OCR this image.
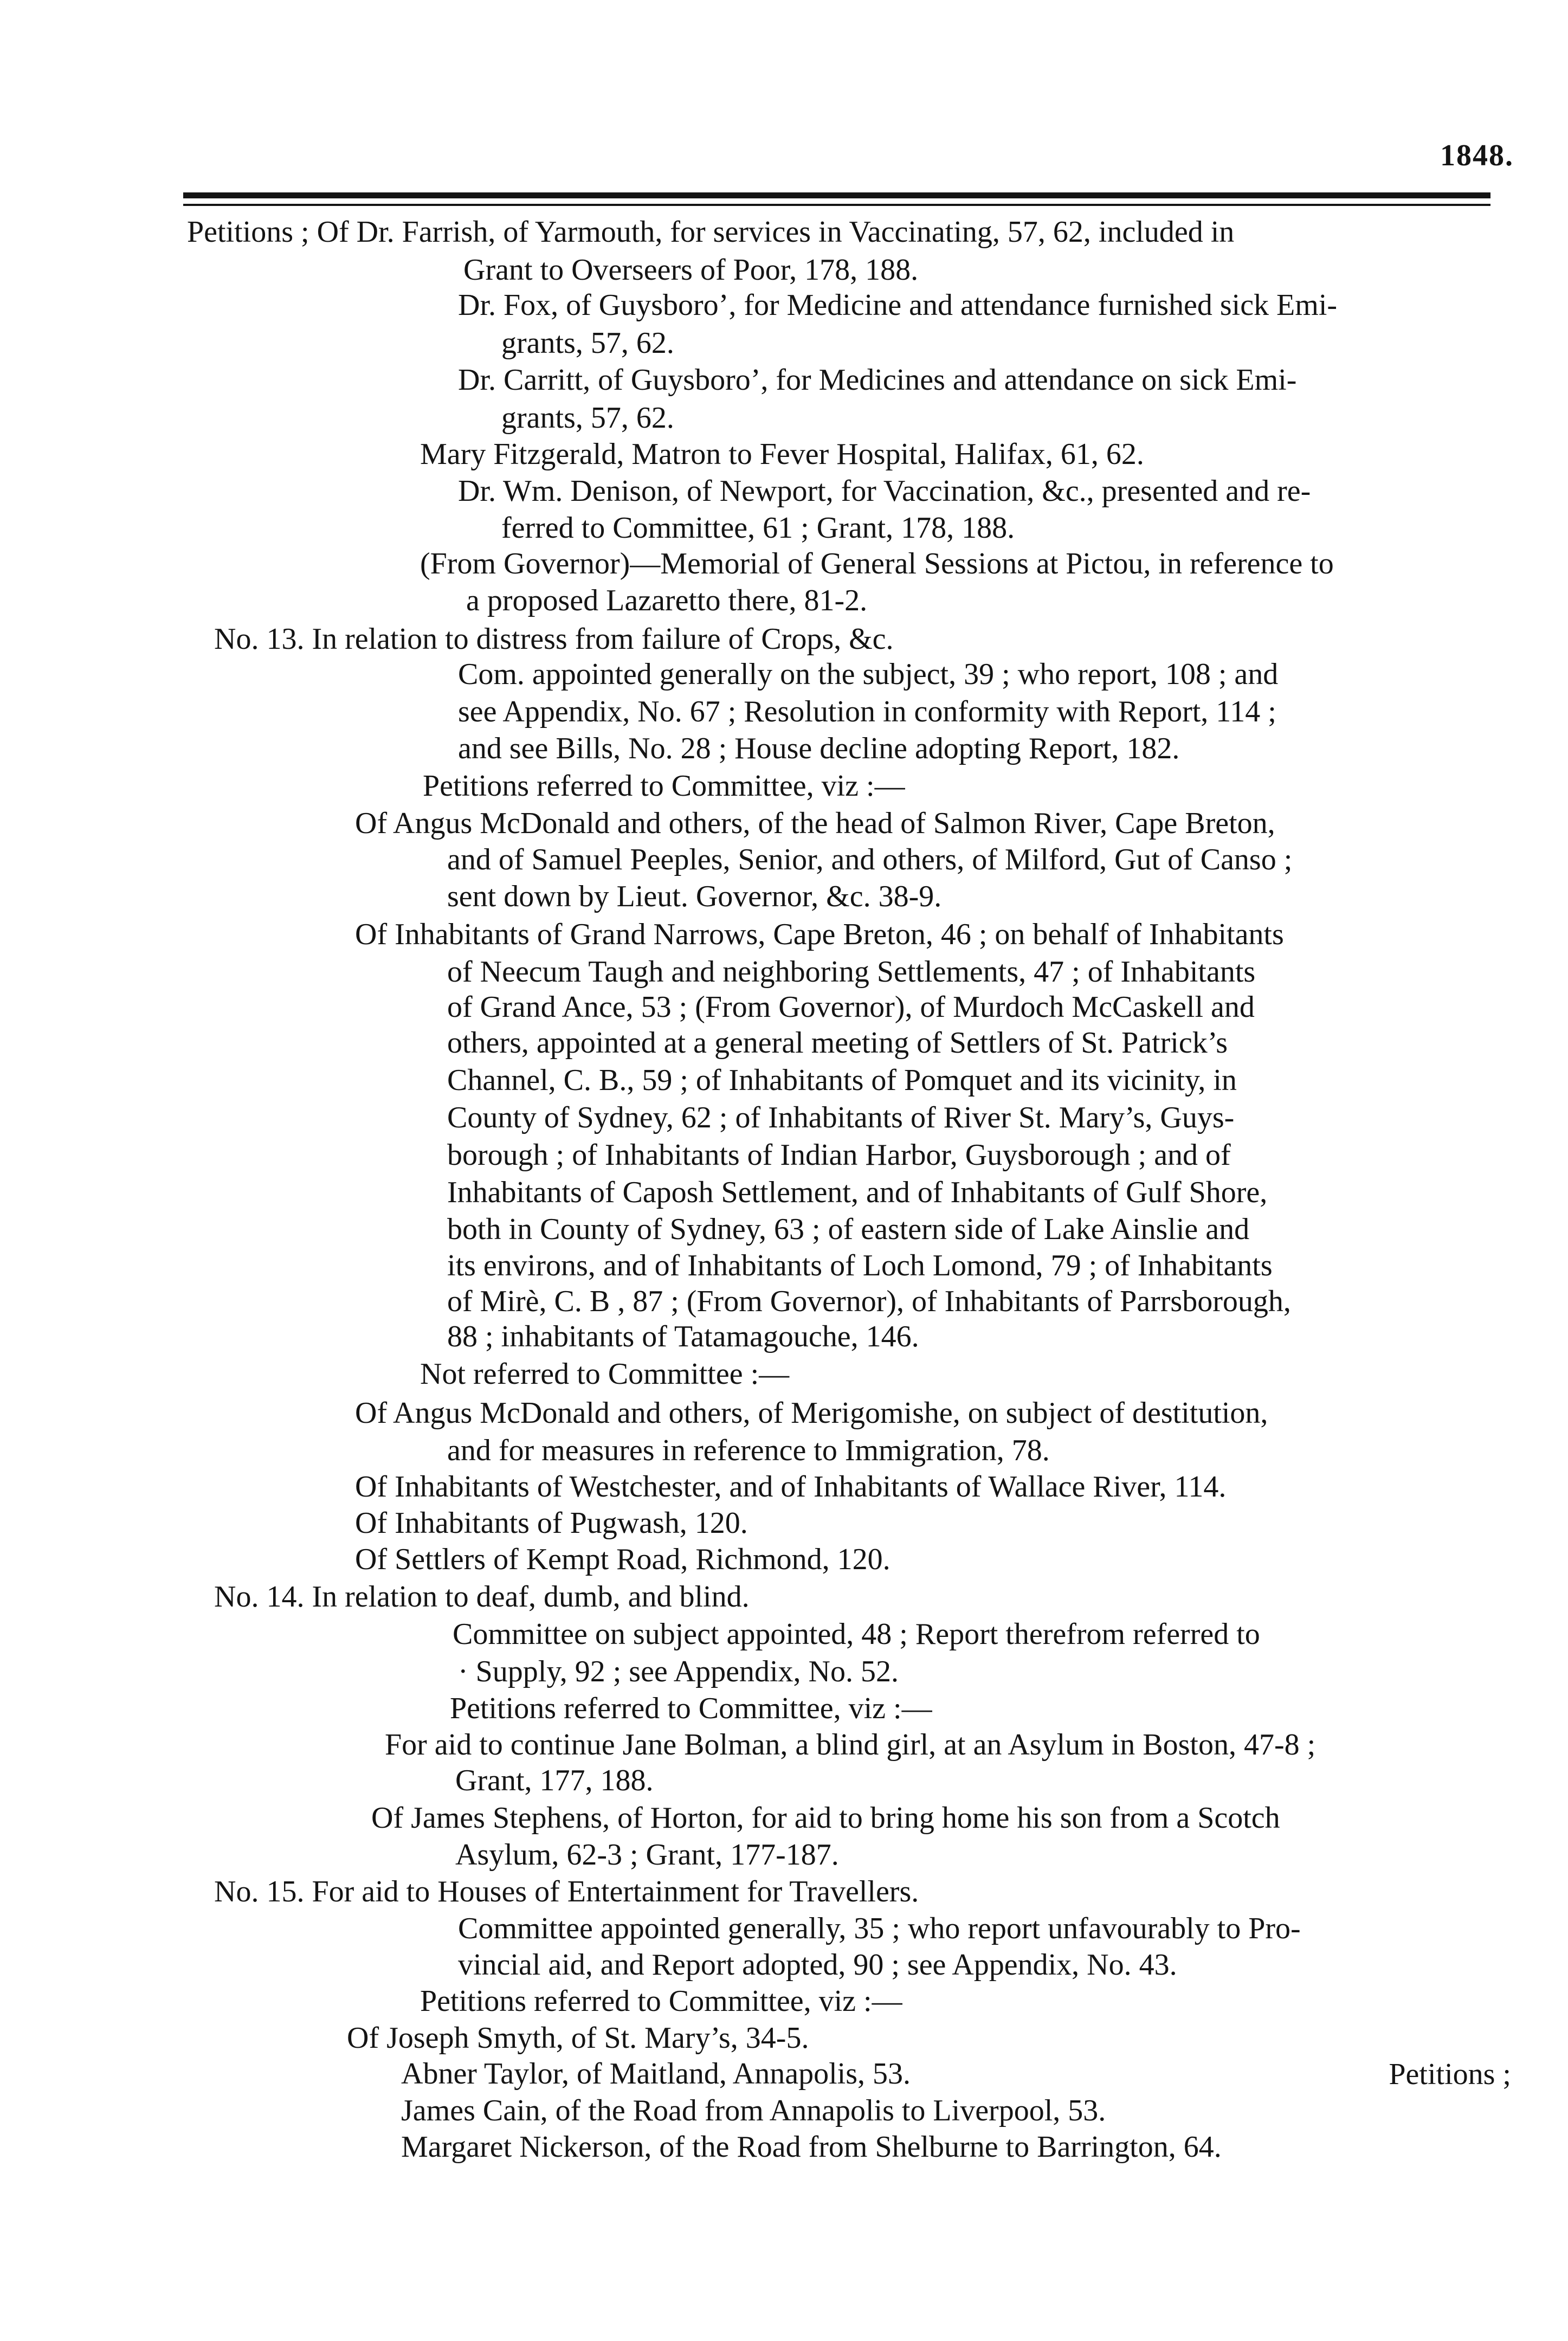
1848.
Petitions ; Of Dr. Farrish, of Yarmouth, for services in Vaccinating, 57, 62, included in
Grant to Overseers of Poor, 178, 188.
Dr. Fox, of Guysboro’, for Medicine and attendance furnished sick Emi-
grants, 57, 62.
Dr. Carritt, of Guysboro’, for Medicines and attendance on sick Emi-
grants, 57, 62.
Mary Fitzgerald, Matron to Fever Hospital, Halifax, 61, 62.
Dr. Wm. Denison, of Newport, for Vaccination, &c., presented and re-
ferred to Committee, 61 ; Grant, 178, 188.
(From Governor)—Memorial of General Sessions at Pictou, in reference to
a proposed Lazaretto there, 81-2.
No. 13. In relation to distress from failure of Crops, &c.
Com. appointed generally on the subject, 39 ; who report, 108 ; and
see Appendix, No. 67 ; Resolution in conformity with Report, 114 ;
and see Bills, No. 28 ; House decline adopting Report, 182.
Petitions referred to Committee, viz :—
Of Angus McDonald and others, of the head of Salmon River, Cape Breton,
and of Samuel Peeples, Senior, and others, of Milford, Gut of Canso ;
sent down by Lieut. Governor, &c. 38-9.
Of Inhabitants of Grand Narrows, Cape Breton, 46 ; on behalf of Inhabitants
of Neecum Taugh and neighboring Settlements, 47 ; of Inhabitants
of Grand Ance, 53 ; (From Governor), of Murdoch McCaskell and
others, appointed at a general meeting of Settlers of St. Patrick’s
Channel, C. B., 59 ; of Inhabitants of Pomquet and its vicinity, in
County of Sydney, 62 ; of Inhabitants of River St. Mary’s, Guys-
borough ; of Inhabitants of Indian Harbor, Guysborough ; and of
Inhabitants of Caposh Settlement, and of Inhabitants of Gulf Shore,
both in County of Sydney, 63 ; of eastern side of Lake Ainslie and
its environs, and of Inhabitants of Loch Lomond, 79 ; of Inhabitants
of Mirè, C. B , 87 ; (From Governor), of Inhabitants of Parrsborough,
88 ; inhabitants of Tatamagouche, 146.
Not referred to Committee :—
Of Angus McDonald and others, of Merigomishe, on subject of destitution,
and for measures in reference to Immigration, 78.
Of Inhabitants of Westchester, and of Inhabitants of Wallace River, 114.
Of Inhabitants of Pugwash, 120.
Of Settlers of Kempt Road, Richmond, 120.
No. 14. In relation to deaf, dumb, and blind.
Committee on subject appointed, 48 ; Report therefrom referred to
· Supply, 92 ; see Appendix, No. 52.
Petitions referred to Committee, viz :—
For aid to continue Jane Bolman, a blind girl, at an Asylum in Boston, 47-8 ;
Grant, 177, 188.
Of James Stephens, of Horton, for aid to bring home his son from a Scotch
Asylum, 62-3 ; Grant, 177-187.
No. 15. For aid to Houses of Entertainment for Travellers.
Committee appointed generally, 35 ; who report unfavourably to Pro-
vincial aid, and Report adopted, 90 ; see Appendix, No. 43.
Petitions referred to Committee, viz :—
Of Joseph Smyth, of St. Mary’s, 34-5.
Abner Taylor, of Maitland, Annapolis, 53.
James Cain, of the Road from Annapolis to Liverpool, 53.
Margaret Nickerson, of the Road from Shelburne to Barrington, 64.
Petitions ;
